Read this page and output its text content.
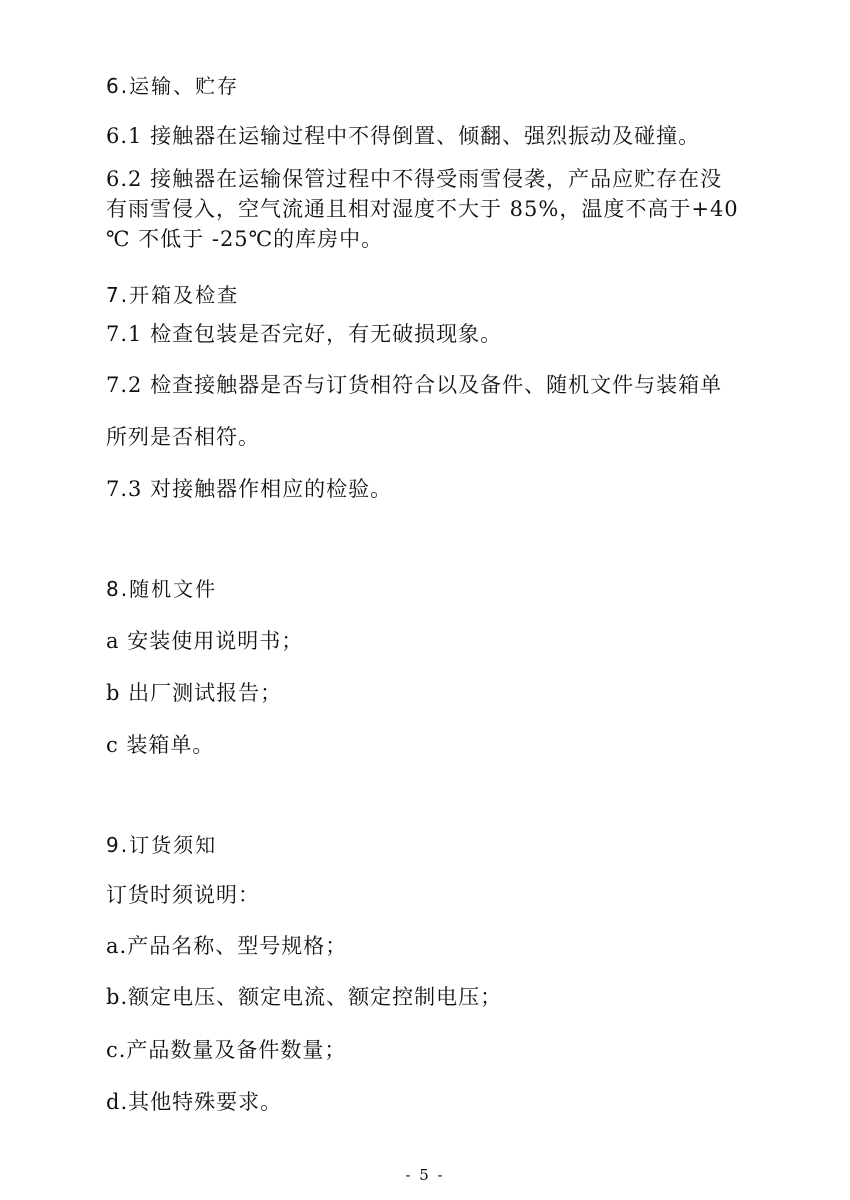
6.运输、贮存
6.1 接触器在运输过程中不得倒置、倾翻、强烈振动及碰撞。
6.2 接触器在运输保管过程中不得受雨雪侵袭，产品应贮存在没
有雨雪侵入，空气流通且相对湿度不大于 85%，温度不高于+40
℃ 不低于 -25℃的库房中。
7.开箱及检查
7.1 检查包装是否完好，有无破损现象。
7.2 检查接触器是否与订货相符合以及备件、随机文件与装箱单
所列是否相符。
7.3 对接触器作相应的检验。
8.随机文件
a 安装使用说明书；
b 出厂测试报告；
c 装箱单。
9.订货须知
订货时须说明：
a.产品名称、型号规格；
b.额定电压、额定电流、额定控制电压；
c.产品数量及备件数量；
d.其他特殊要求。
- 5 -
